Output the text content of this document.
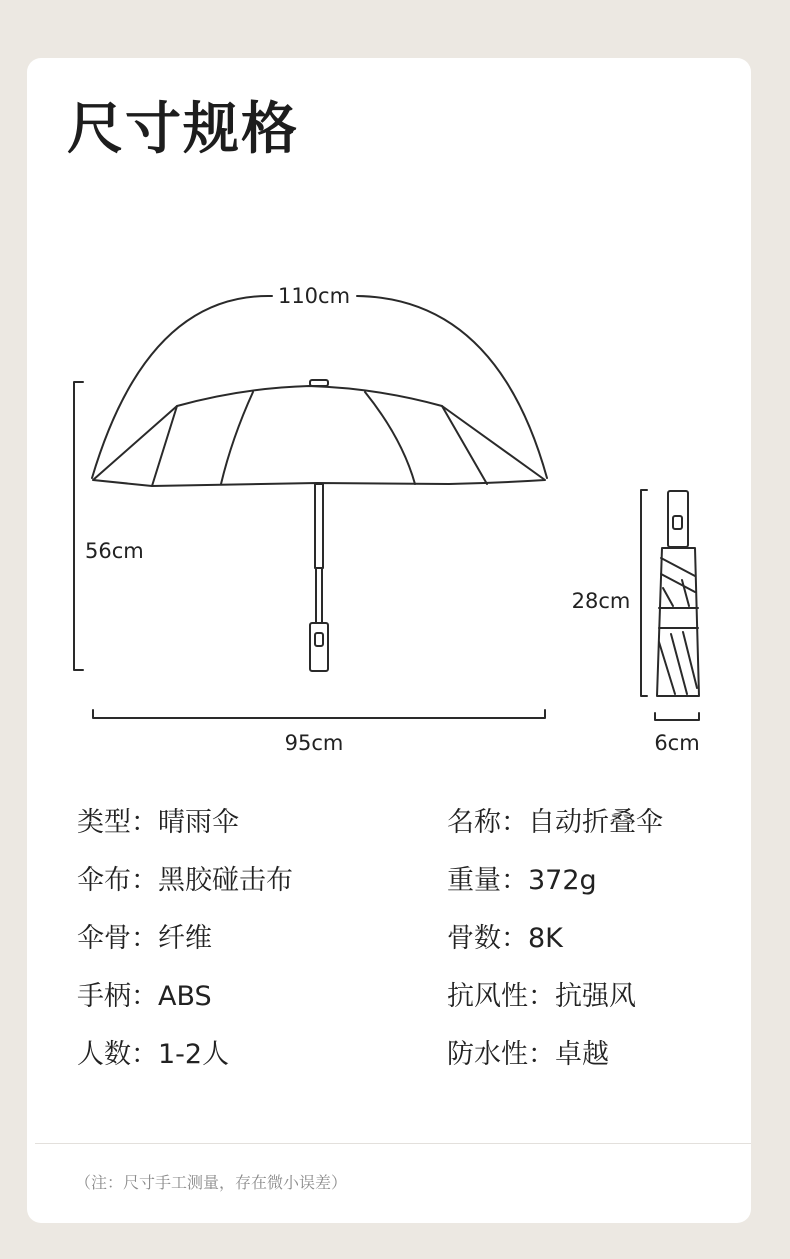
尺寸规格
110cm
56cm
95cm
28cm
6cm
类型：晴雨伞
伞布：黑胶碰击布
伞骨：纤维
手柄：ABS
人数：1-2人
名称：自动折叠伞
重量：372g
骨数：8K
抗风性：抗强风
防水性：卓越
（注：尺寸手工测量，存在微小误差）
